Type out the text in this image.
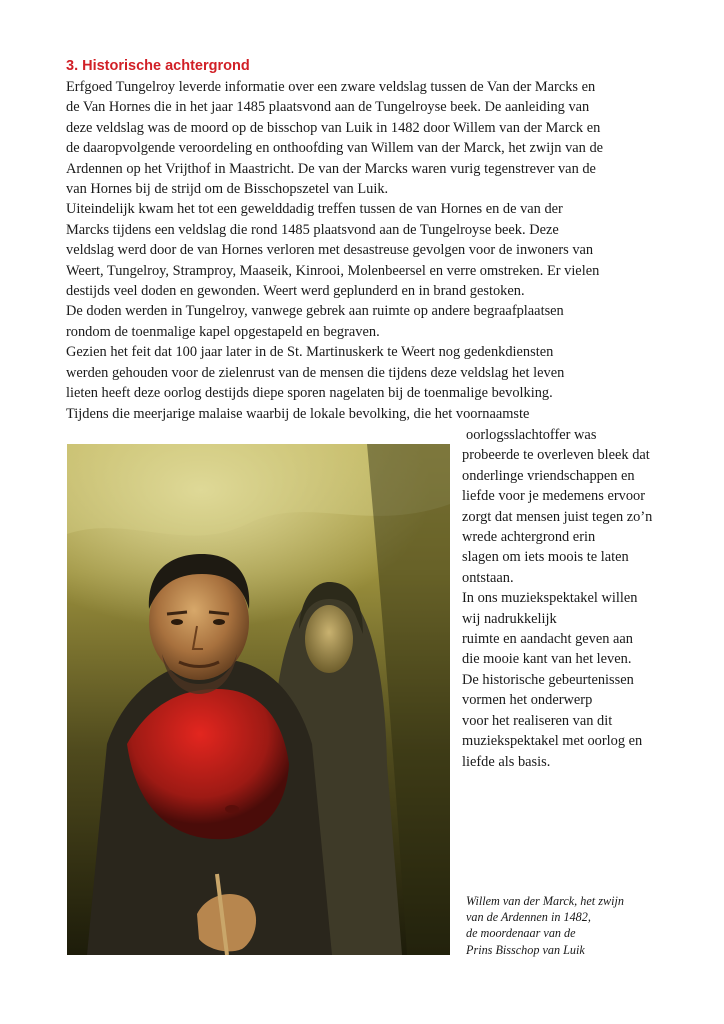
3. Historische achtergrond
Erfgoed Tungelroy leverde informatie over een zware veldslag tussen de Van der Marcks en
de Van Hornes die in het jaar 1485 plaatsvond aan de Tungelroyse beek. De aanleiding van
deze veldslag was de moord op de bisschop van Luik in 1482 door Willem van der Marck en
de daaropvolgende veroordeling en onthoofding van Willem van der Marck, het zwijn van de
Ardennen op het Vrijthof in Maastricht. De van der Marcks waren vurig tegenstrever van de
van Hornes bij de strijd om de Bisschopszetel van Luik.
Uiteindelijk kwam het tot een gewelddadig treffen tussen de van Hornes en de van der
Marcks tijdens een veldslag die rond 1485 plaatsvond aan de Tungelroyse beek. Deze
veldslag werd door de van Hornes verloren met desastreuse gevolgen voor de inwoners van
Weert, Tungelroy, Stramproy, Maaseik, Kinrooi, Molenbeersel en verre omstreken. Er vielen
destijds veel doden en gewonden. Weert werd geplunderd en in brand gestoken.
De doden werden in Tungelroy, vanwege gebrek aan ruimte op andere begraafplaatsen
rondom de toenmalige kapel opgestapeld en begraven.
Gezien het feit dat 100 jaar later in de St. Martinuskerk te Weert nog gedenkdiensten
werden gehouden voor de zielenrust van de mensen die tijdens deze veldslag het leven
lieten heeft deze oorlog destijds diepe sporen nagelaten bij de toenmalige bevolking.
Tijdens die meerjarige malaise waarbij de lokale bevolking, die het voornaamste
oorlogsslachtoffer was
probeerde te overleven bleek dat
onderlinge vriendschappen en
liefde voor je medemens ervoor
zorgt dat mensen juist tegen zo’n
wrede achtergrond erin
slagen om iets moois te laten
ontstaan.
In ons muziekspektakel willen
wij nadrukkelijk
ruimte en aandacht geven aan
die mooie kant van het leven.
De historische gebeurtenissen
vormen het onderwerp
voor het realiseren van dit
muziekspektakel met oorlog en
liefde als basis.
Willem van der Marck, het zwijn
van de Ardennen in 1482,
de moordenaar van de
Prins Bisschop van Luik
